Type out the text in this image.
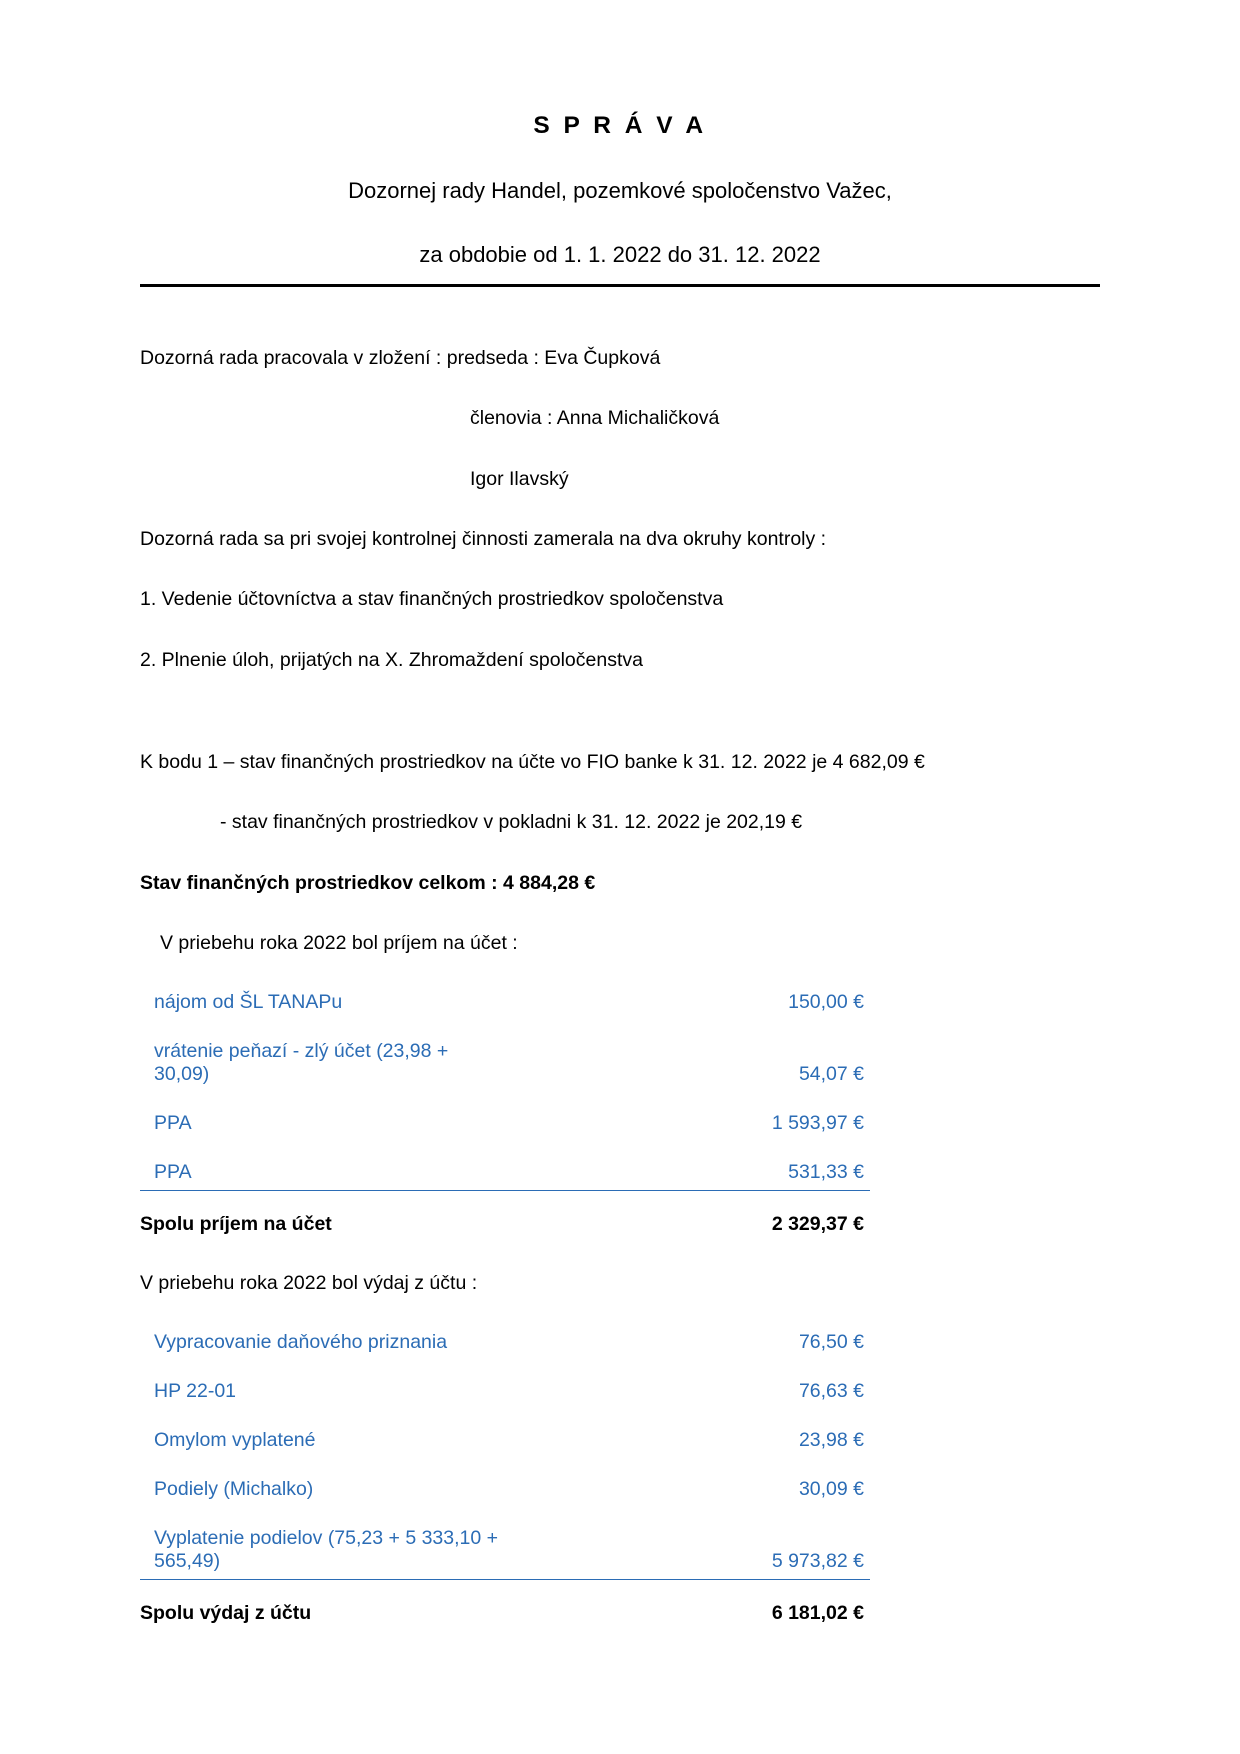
S P R Á V A

Dozornej rady Handel, pozemkové spoločenstvo Važec,

za obdobie od 1. 1. 2022 do 31. 12. 2022

Dozorná rada pracovala v zložení : predseda : Eva Čupková

členovia : Anna Michaličková

Igor Ilavský

Dozorná rada sa pri svojej kontrolnej činnosti zamerala na dva okruhy kontroly :

1. Vedenie účtovníctva a stav finančných prostriedkov spoločenstva

2. Plnenie úloh, prijatých na X. Zhromaždení spoločenstva

K bodu 1 – stav finančných prostriedkov na účte vo FIO banke k 31. 12. 2022 je 4 682,09 €

- stav finančných prostriedkov v pokladni k 31. 12. 2022 je 202,19 €

Stav finančných prostriedkov celkom : 4 884,28 €

V priebehu roka 2022 bol príjem na účet :

nájom od ŠL TANAPu	150,00 €
vrátenie peňazí - zlý účet (23,98 + 30,09)	54,07 €
PPA	1 593,97 €
PPA	531,33 €
Spolu príjem na účet	2 329,37 €

V priebehu roka 2022 bol výdaj z účtu :

Vypracovanie daňového priznania	76,50 €
HP 22-01	76,63 €
Omylom vyplatené	23,98 €
Podiely (Michalko)	30,09 €
Vyplatenie podielov (75,23 + 5 333,10 + 565,49)	5 973,82 €
Spolu výdaj z účtu	6 181,02 €
